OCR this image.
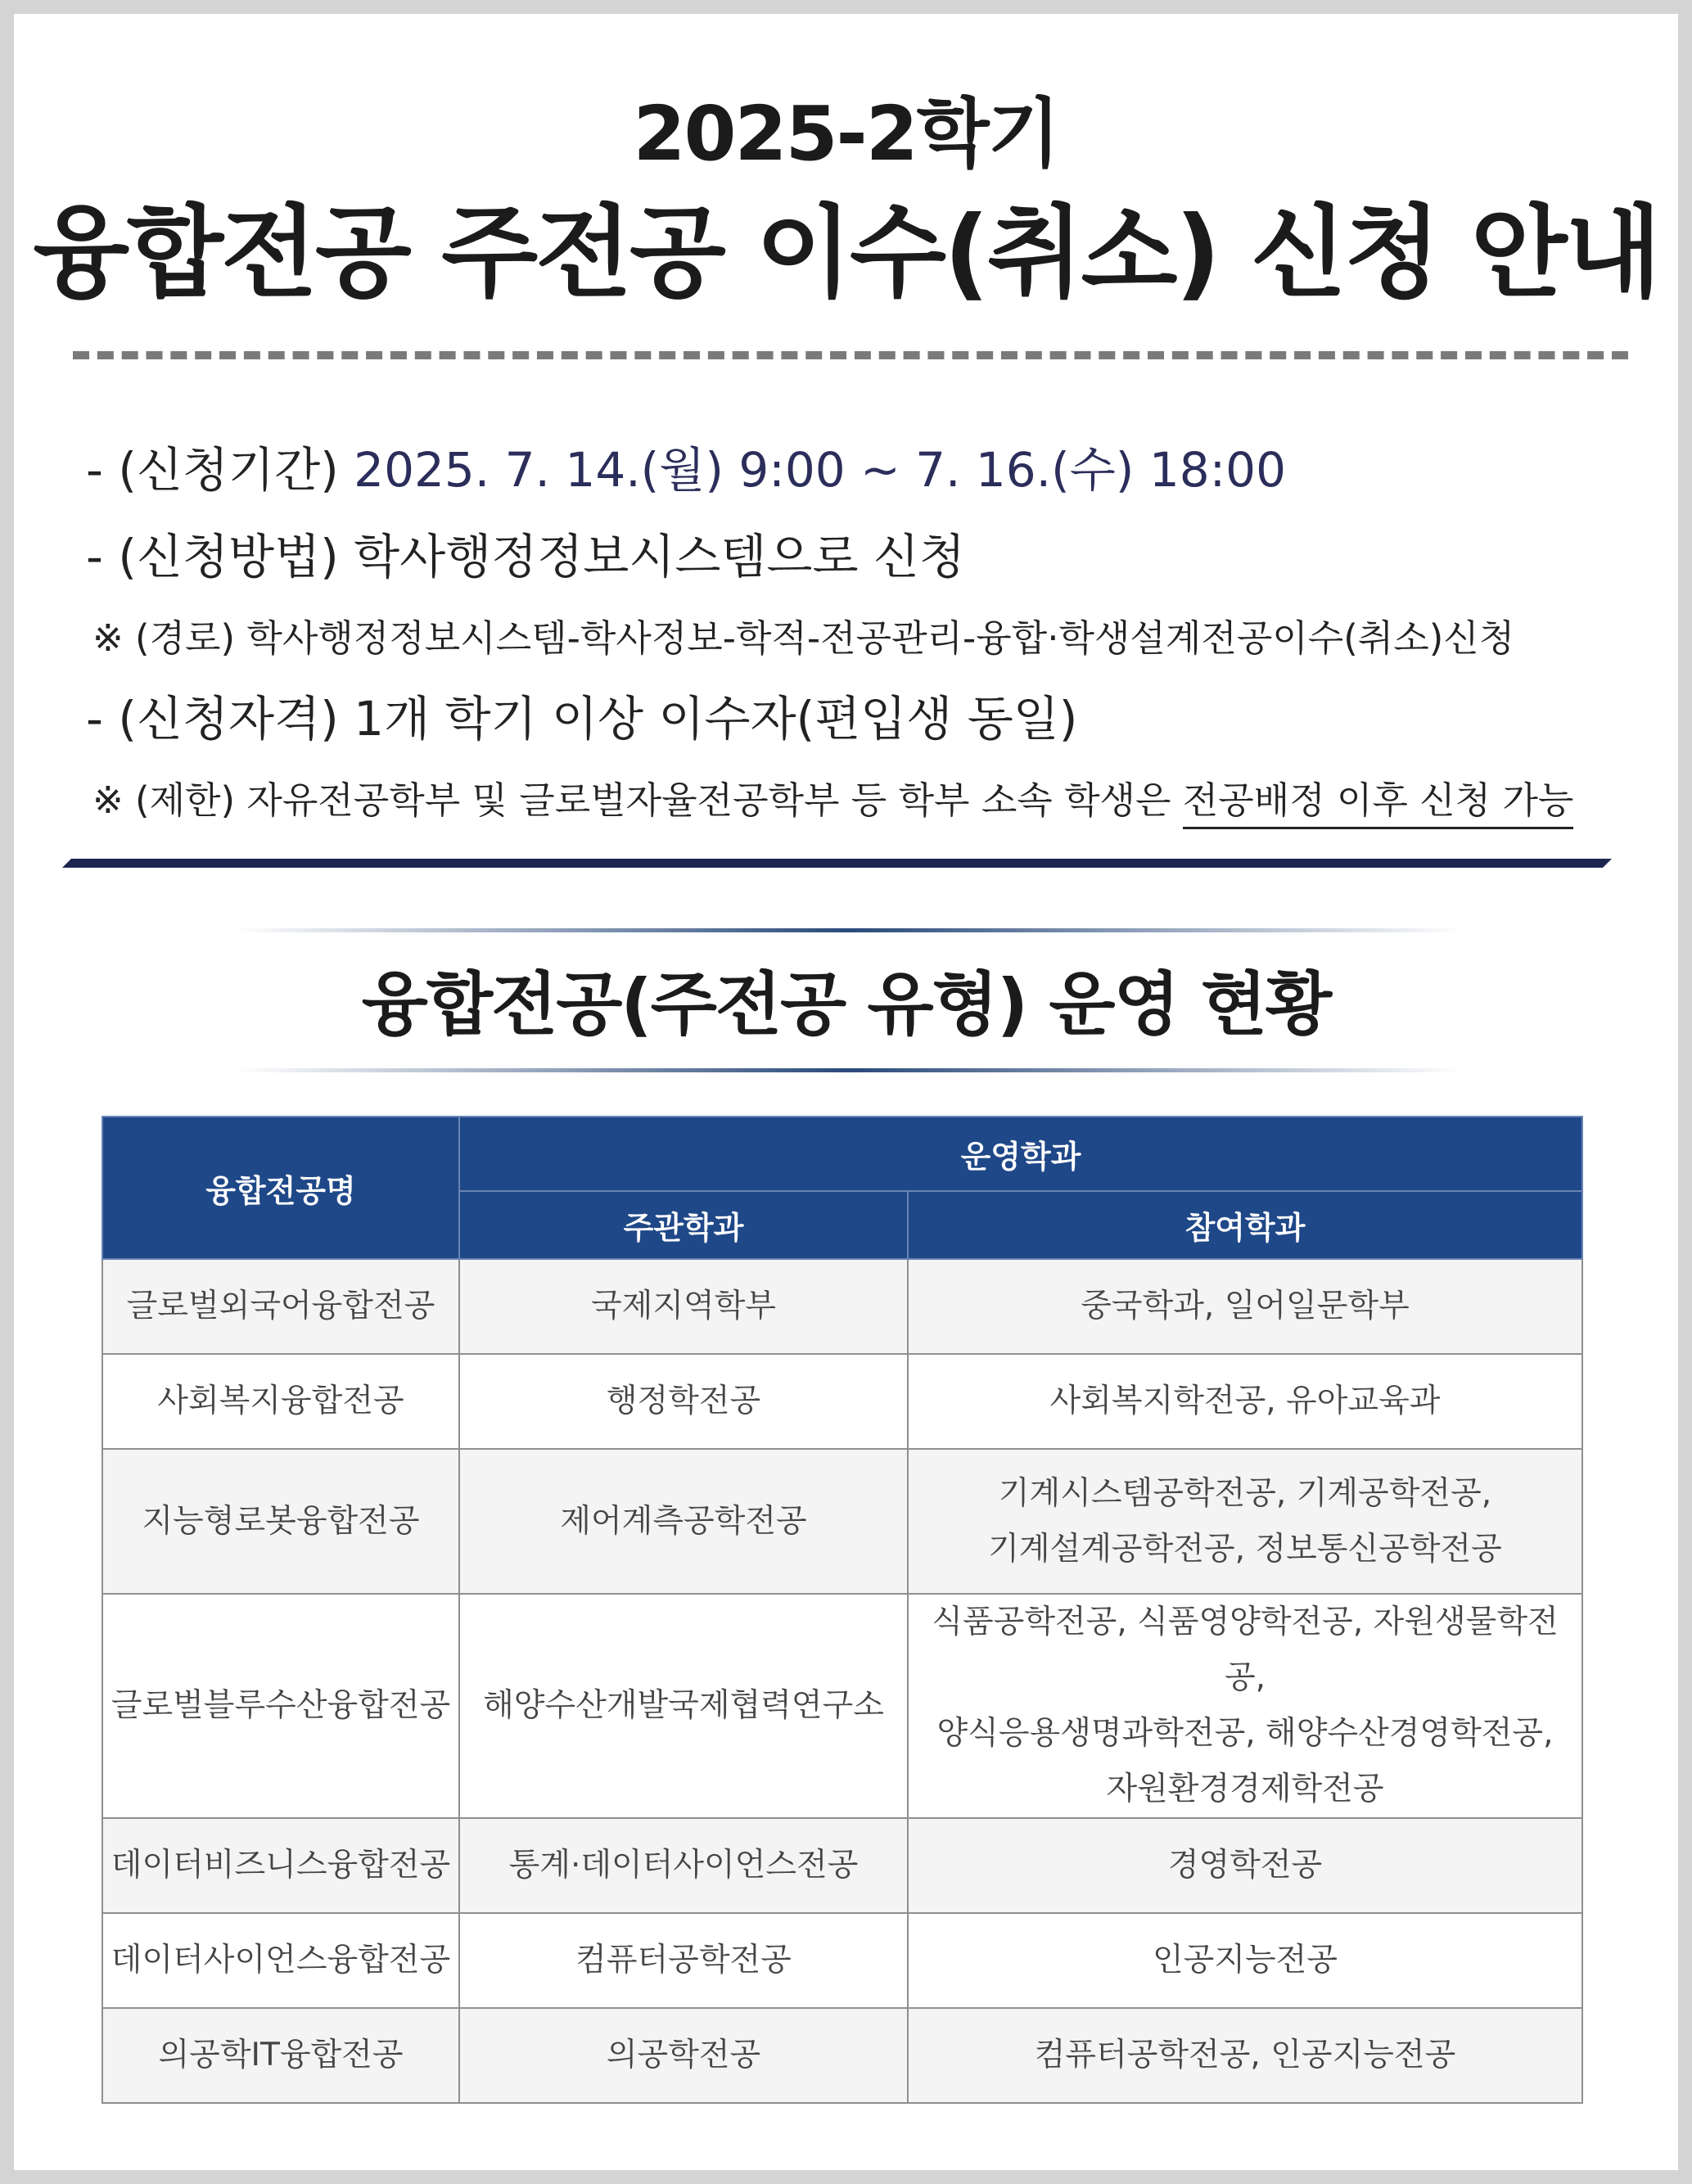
2025-2학기
융합전공 주전공 이수(취소) 신청 안내
- (신청기간) 2025. 7. 14.(월) 9:00 ~ 7. 16.(수) 18:00
- (신청방법) 학사행정정보시스템으로 신청
※ (경로) 학사행정정보시스템-학사정보-학적-전공관리-융합·학생설계전공이수(취소)신청
- (신청자격) 1개 학기 이상 이수자(편입생 동일)
※ (제한) 자유전공학부 및 글로벌자율전공학부 등 학부 소속 학생은 전공배정 이후 신청 가능
융합전공(주전공 유형) 운영 현황
융합전공명	운영학과	
	주관학과	참여학과
글로벌외국어융합전공	국제지역학부	중국학과, 일어일문학부

사회복지융합전공	행정학전공	사회복지학전공, 유아교육과

지능형로봇융합전공	제어계측공학전공	기계시스템공학전공, 기계공학전공,
기계설계공학전공, 정보통신공학전공

글로벌블루수산융합전공	해양수산개발국제협력연구소	식품공학전공, 식품영양학전공, 자원생물학전공,
양식응용생명과학전공, 해양수산경영학전공,
자원환경경제학전공

데이터비즈니스융합전공	통계·데이터사이언스전공	경영학전공

데이터사이언스융합전공	컴퓨터공학전공	인공지능전공

의공학IT융합전공	의공학전공	컴퓨터공학전공, 인공지능전공
